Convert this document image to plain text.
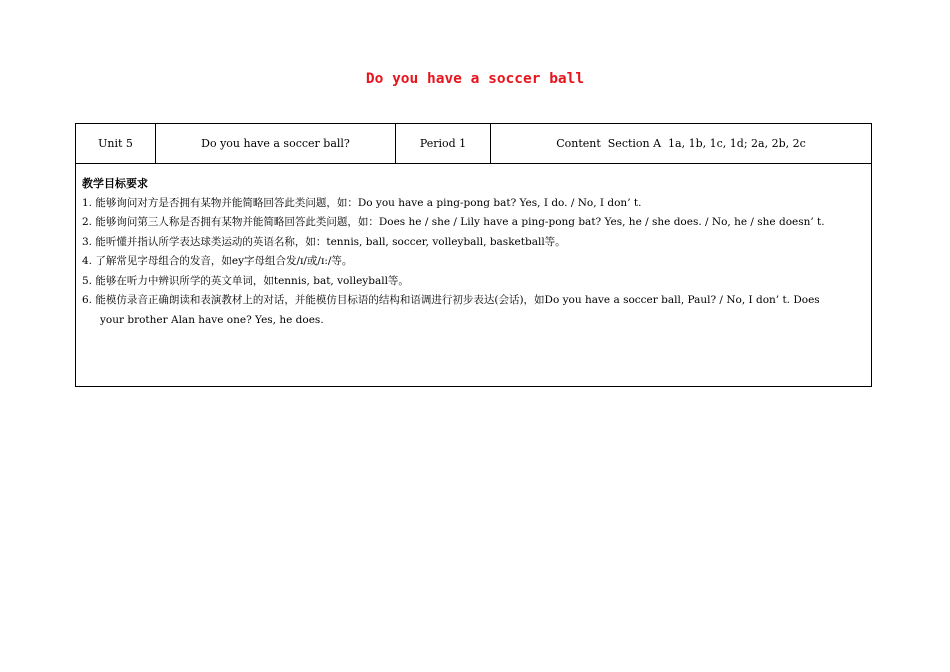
Do you have a soccer ball
Unit 5	Do you have a soccer ball?	Period 1	Content  Section A  1a, 1b, 1c, 1d; 2a, 2b, 2c
教学目标要求
1. 能够询问对方是否拥有某物并能简略回答此类问题，如：Do you have a ping-pong bat? Yes, I do. / No, I don’ t.
2. 能够询问第三人称是否拥有某物并能简略回答此类问题，如：Does he / she / Lily have a ping-pong bat? Yes, he / she does. / No, he / she doesn’ t.
3. 能听懂并指认所学表达球类运动的英语名称，如：tennis, ball, soccer, volleyball, basketball等。
4. 了解常见字母组合的发音，如ey字母组合发/ɪ/或/ɪ:/等。
5. 能够在听力中辨识所学的英文单词，如tennis, bat, volleyball等。
6. 能模仿录音正确朗读和表演教材上的对话，并能模仿目标语的结构和语调进行初步表达(会话)，如Do you have a soccer ball, Paul? / No, I don’ t. Does
your brother Alan have one? Yes, he does.
